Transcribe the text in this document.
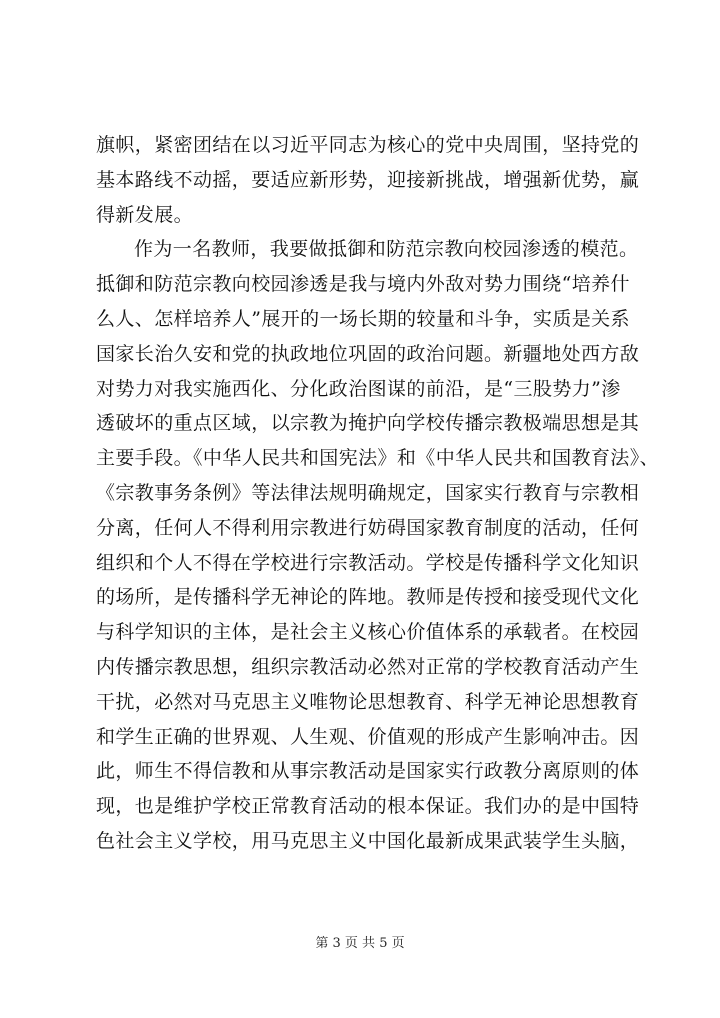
旗帜，紧密团结在以习近平同志为核心的党中央周围，坚持党的
基本路线不动摇，要适应新形势，迎接新挑战，增强新优势，赢
得新发展。
作为一名教师，我要做抵御和防范宗教向校园渗透的模范。
抵御和防范宗教向校园渗透是我与境内外敌对势力围绕“培养什
么人、怎样培养人”展开的一场长期的较量和斗争，实质是关系
国家长治久安和党的执政地位巩固的政治问题。新疆地处西方敌
对势力对我实施西化、分化政治图谋的前沿，是“三股势力”渗
透破坏的重点区域，以宗教为掩护向学校传播宗教极端思想是其
主要手段。《中华人民共和国宪法》和《中华人民共和国教育法》、
《宗教事务条例》等法律法规明确规定，国家实行教育与宗教相
分离，任何人不得利用宗教进行妨碍国家教育制度的活动，任何
组织和个人不得在学校进行宗教活动。学校是传播科学文化知识
的场所，是传播科学无神论的阵地。教师是传授和接受现代文化
与科学知识的主体，是社会主义核心价值体系的承载者。在校园
内传播宗教思想，组织宗教活动必然对正常的学校教育活动产生
干扰，必然对马克思主义唯物论思想教育、科学无神论思想教育
和学生正确的世界观、人生观、价值观的形成产生影响冲击。因
此，师生不得信教和从事宗教活动是国家实行政教分离原则的体
现，也是维护学校正常教育活动的根本保证。我们办的是中国特
色社会主义学校，用马克思主义中国化最新成果武装学生头脑，
第 3 页 共 5 页
